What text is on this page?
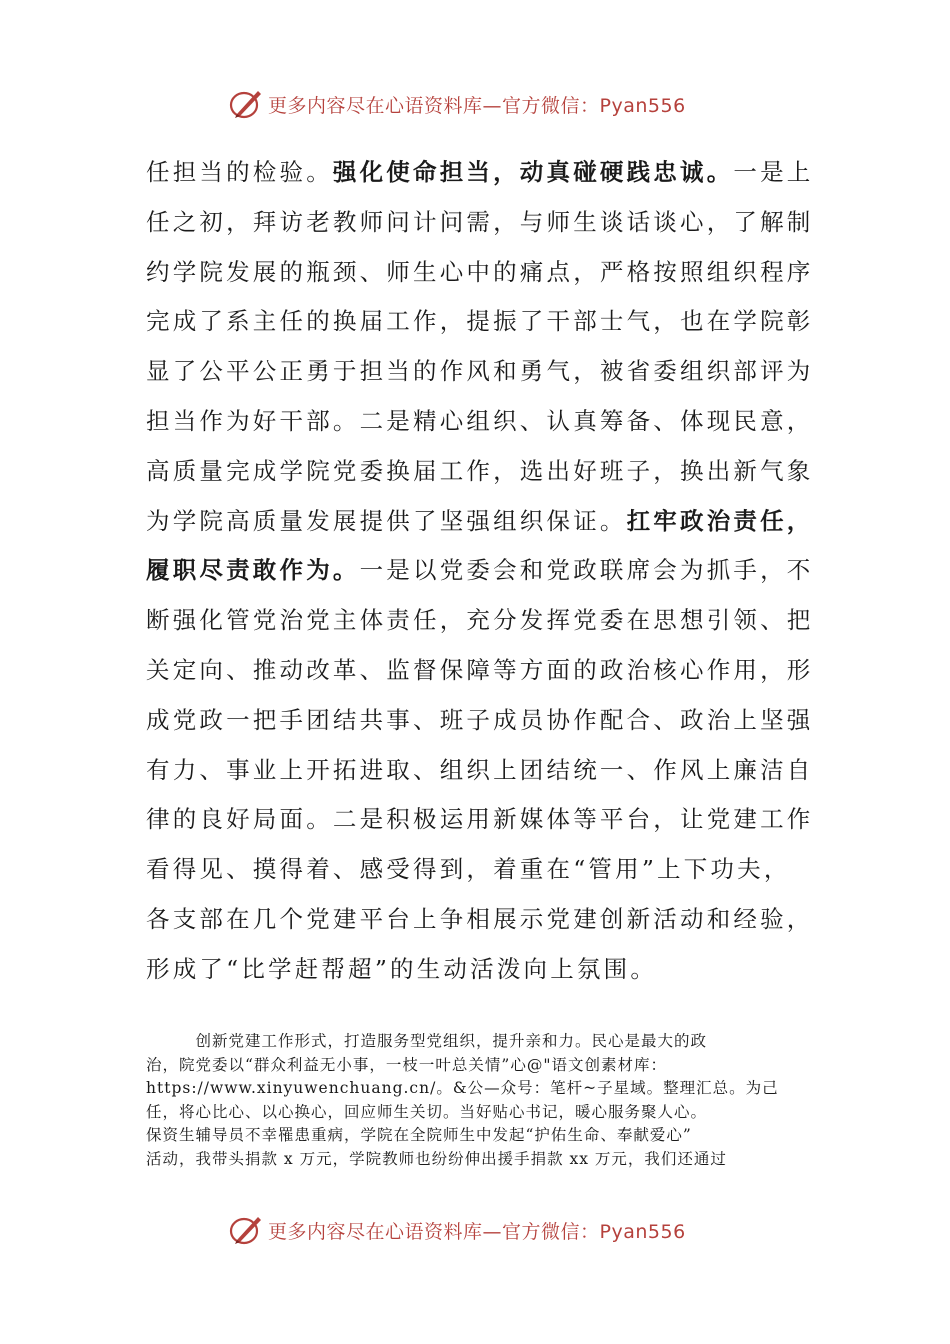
更多内容尽在心语资料库—官方微信：Pyan556
任担当的检验。强化使命担当，动真碰硬践忠诚。一是上
任之初，拜访老教师问计问需，与师生谈话谈心，了解制
约学院发展的瓶颈、师生心中的痛点，严格按照组织程序
完成了系主任的换届工作，提振了干部士气，也在学院彰
显了公平公正勇于担当的作风和勇气，被省委组织部评为
担当作为好干部。二是精心组织、认真筹备、体现民意，
高质量完成学院党委换届工作，选出好班子，换出新气象
为学院高质量发展提供了坚强组织保证。扛牢政治责任，
履职尽责敢作为。一是以党委会和党政联席会为抓手，不
断强化管党治党主体责任，充分发挥党委在思想引领、把
关定向、推动改革、监督保障等方面的政治核心作用，形
成党政一把手团结共事、班子成员协作配合、政治上坚强
有力、事业上开拓进取、组织上团结统一、作风上廉洁自
律的良好局面。二是积极运用新媒体等平台，让党建工作
看得见、摸得着、感受得到，着重在“管用”上下功夫，
各支部在几个党建平台上争相展示党建创新活动和经验，
形成了“比学赶帮超”的生动活泼向上氛围。
　　　创新党建工作形式，打造服务型党组织，提升亲和力。民心是最大的政
治，院党委以“群众利益无小事，一枝一叶总关情”心@"语文创素材库：
https://www.xinyuwenchuang.cn/。&公—众号：笔杆~子星域。整理汇总。为己
任，将心比心、以心换心，回应师生关切。当好贴心书记，暖心服务聚人心。
保资生辅导员不幸罹患重病，学院在全院师生中发起“护佑生命、奉献爱心”
活动，我带头捐款 x 万元，学院教师也纷纷伸出援手捐款 xx 万元，我们还通过
更多内容尽在心语资料库—官方微信：Pyan556
